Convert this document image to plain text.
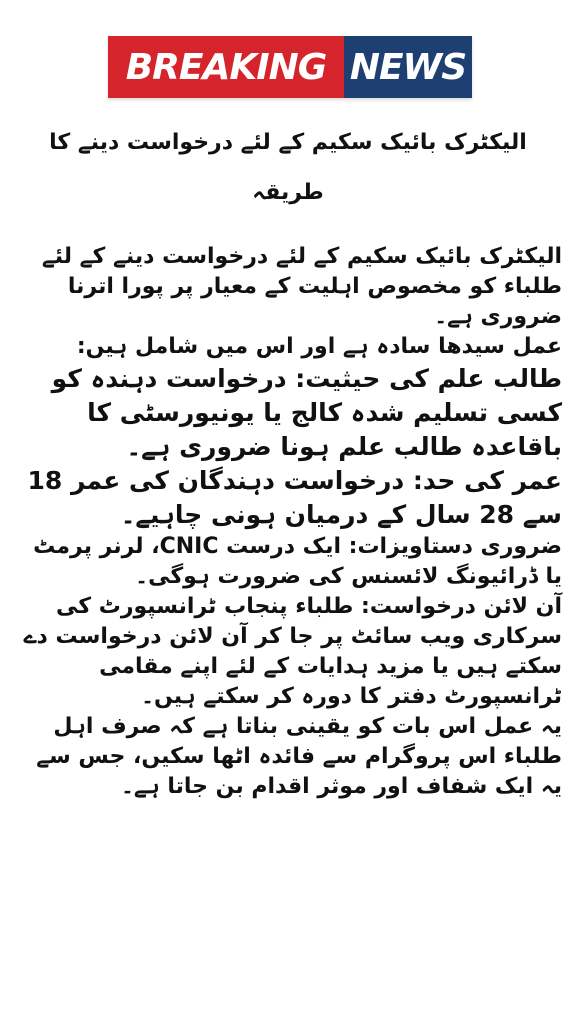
BREAKING NEWS
الیکٹرک بائیک سکیم کے لئے درخواست دینے کا طریقہ

الیکٹرک بائیک سکیم کے لئے درخواست دینے کے لئے طلباء کو مخصوص اہلیت کے معیار پر پورا اترنا ضروری ہے۔

عمل سیدھا سادہ ہے اور اس میں شامل ہیں:

طالب علم کی حیثیت: درخواست دہندہ کو کسی تسلیم شدہ کالج یا یونیورسٹی کا باقاعدہ طالب علم ہونا ضروری ہے۔

عمر کی حد: درخواست دہندگان کی عمر 18 سے 28 سال کے درمیان ہونی چاہیے۔

ضروری دستاویزات: ایک درست CNIC، لرنر پرمٹ یا ڈرائیونگ لائسنس کی ضرورت ہوگی۔

آن لائن درخواست: طلباء پنجاب ٹرانسپورٹ کی سرکاری ویب سائٹ پر جا کر آن لائن درخواست دے سکتے ہیں یا مزید ہدایات کے لئے اپنے مقامی ٹرانسپورٹ دفتر کا دورہ کر سکتے ہیں۔

یہ عمل اس بات کو یقینی بناتا ہے کہ صرف اہل طلباء اس پروگرام سے فائدہ اٹھا سکیں، جس سے یہ ایک شفاف اور موثر اقدام بن جاتا ہے۔
